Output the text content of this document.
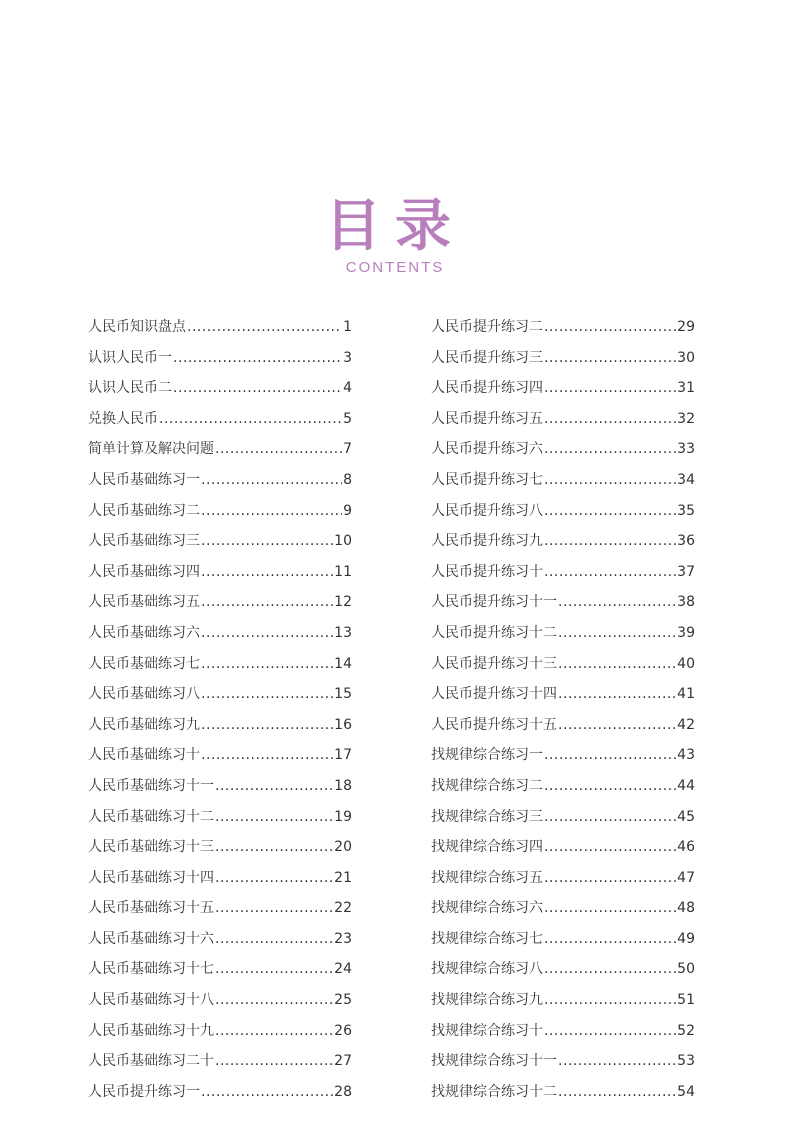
目录
CONTENTS
人民币知识盘点 .....	1
认识人民币一 .....	3
认识人民币二 .....	4
兑换人民币 .....	5
简单计算及解决问题 .....	7
人民币基础练习一 .....	8
人民币基础练习二 .....	9
人民币基础练习三 .....	10
人民币基础练习四 .....	11
人民币基础练习五 .....	12
人民币基础练习六 .....	13
人民币基础练习七 .....	14
人民币基础练习八 .....	15
人民币基础练习九 .....	16
人民币基础练习十 .....	17
人民币基础练习十一 .....	18
人民币基础练习十二 .....	19
人民币基础练习十三 .....	20
人民币基础练习十四 .....	21
人民币基础练习十五 .....	22
人民币基础练习十六 .....	23
人民币基础练习十七 .....	24
人民币基础练习十八 .....	25
人民币基础练习十九 .....	26
人民币基础练习二十 .....	27
人民币提升练习一 .....	28
人民币提升练习二 .....	29
人民币提升练习三 .....	30
人民币提升练习四 .....	31
人民币提升练习五 .....	32
人民币提升练习六 .....	33
人民币提升练习七 .....	34
人民币提升练习八 .....	35
人民币提升练习九 .....	36
人民币提升练习十 .....	37
人民币提升练习十一 .....	38
人民币提升练习十二 .....	39
人民币提升练习十三 .....	40
人民币提升练习十四 .....	41
人民币提升练习十五 .....	42
找规律综合练习一 .....	43
找规律综合练习二 .....	44
找规律综合练习三 .....	45
找规律综合练习四 .....	46
找规律综合练习五 .....	47
找规律综合练习六 .....	48
找规律综合练习七 .....	49
找规律综合练习八 .....	50
找规律综合练习九 .....	51
找规律综合练习十 .....	52
找规律综合练习十一 .....	53
找规律综合练习十二 .....	54
